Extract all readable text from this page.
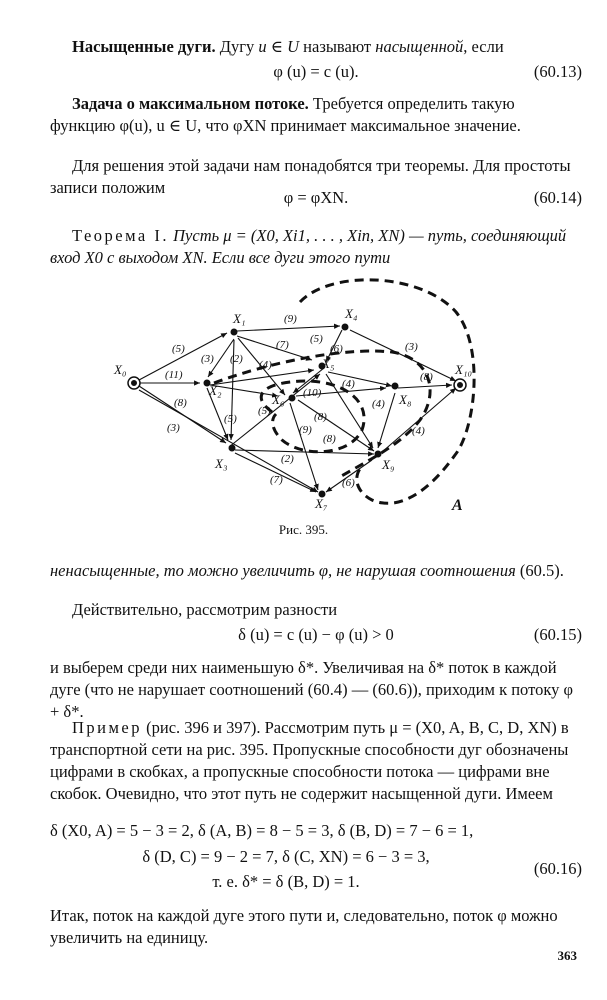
Насыщенные дуги. Дугу u ∈ U называют насыщенной, если

φ (u) = c (u).	(60.13)

Задача о максимальном потоке. Требуется определить такую функцию φ(u), u ∈ U, что φXN принимает максимальное значение.

Для решения этой задачи нам понадобятся три теоремы. Для простоты записи положим

φ = φXN.	(60.14)

Теорема I. Пусть μ = (X0, Xi1, . . . , Xin, XN) — путь, соединяющий вход X0 с выходом XN. Если все дуги этого пути

X₀
X₁
X₂
X₃
X₄
X₅
X₆
X₇
X₈
X₉
X₁₀
A
(5)
(11)
(8)
(3)
(3) (2)
(9)
(7)
(4)
(5)
(6)
(5)
(3)
(4)
(10)
(8)
(4)
(8)
(9)
(2)
(7)	(6)
(8)
(4)
(5)
Рис. 395.

ненасыщенные, то можно увеличить φ, не нарушая соотношения (60.5).

Действительно, рассмотрим разности

δ (u) = c (u) − φ (u) > 0	(60.15)

и выберем среди них наименьшую δ*. Увеличивая на δ* поток в каждой дуге (что не нарушает соотношений (60.4) — (60.6)), приходим к потоку φ + δ*.

Пример (рис. 396 и 397). Рассмотрим путь μ = (X0, A, B, C, D, XN) в транспортной сети на рис. 395. Пропускные способности дуг обозначены цифрами в скобках, а пропускные способности потока — цифрами вне скобок. Очевидно, что этот путь не содержит насыщенной дуги. Имеем

δ (X0, A) = 5 − 3 = 2, δ (A, B) = 8 − 5 = 3, δ (B, D) = 7 − 6 = 1,
δ (D, C) = 9 − 2 = 7, δ (C, XN) = 6 − 3 = 3,
(60.16)
т. е. δ* = δ (B, D) = 1.

Итак, поток на каждой дуге этого пути и, следовательно, поток φ можно увеличить на единицу.

363
